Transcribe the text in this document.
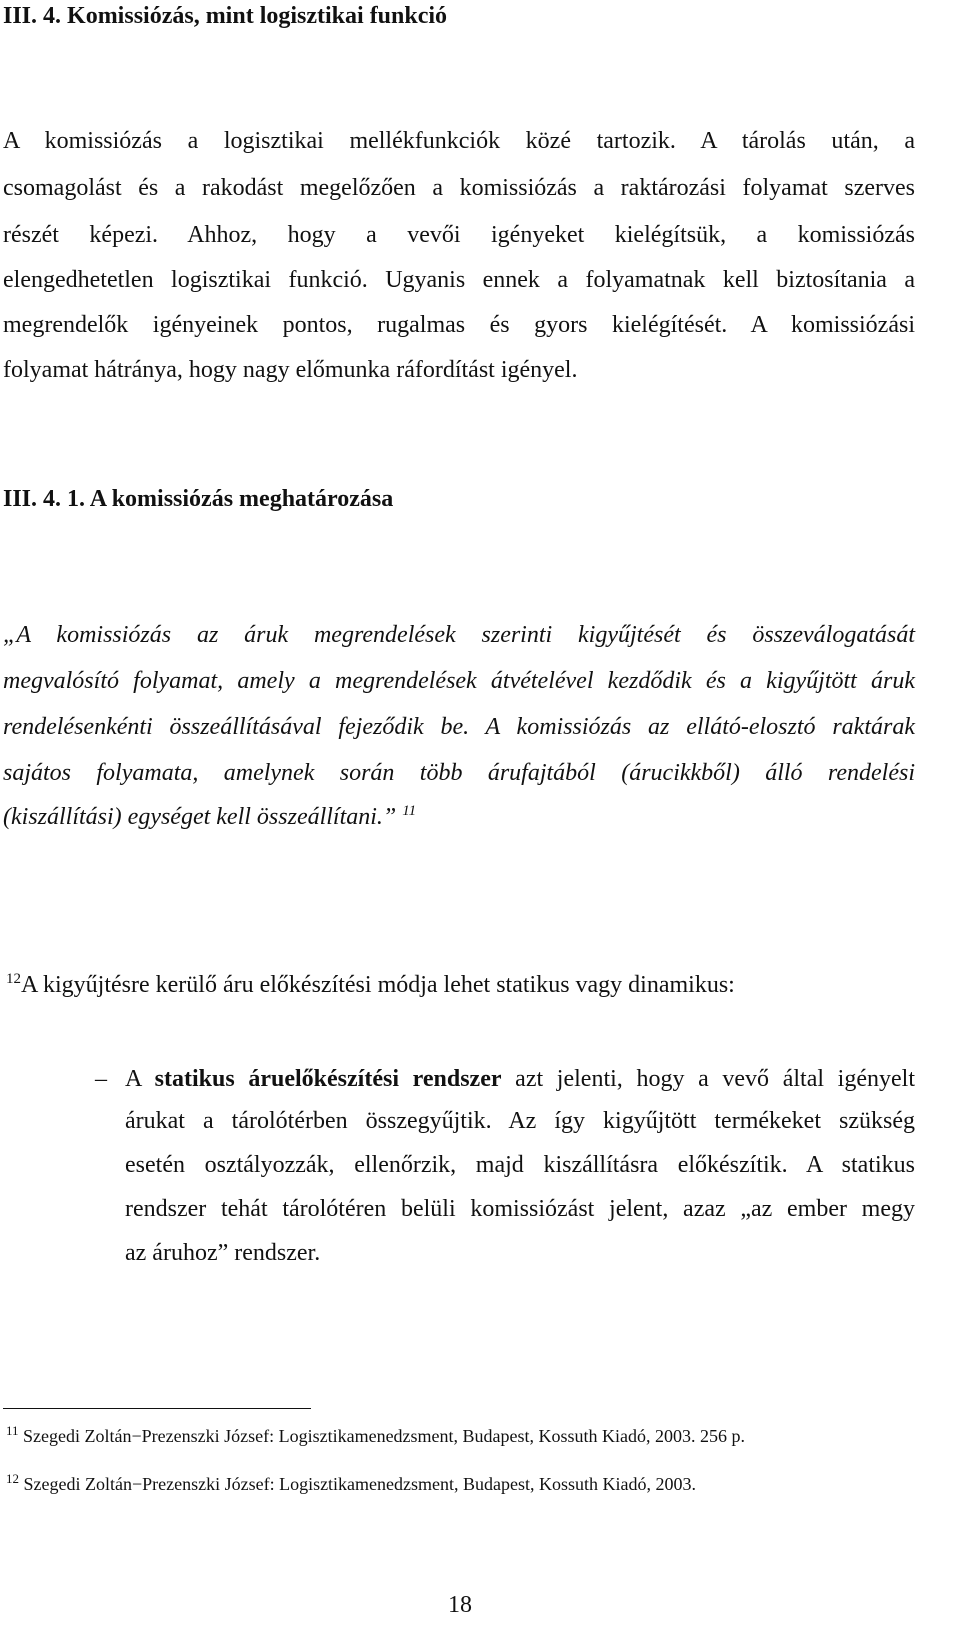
III. 4. Komissiózás, mint logisztikai funkció
A komissiózás a logisztikai mellékfunkciók közé tartozik. A tárolás után, a
csomagolást és a rakodást megelőzően a komissiózás a raktározási folyamat szerves
részét képezi. Ahhoz, hogy a vevői igényeket kielégítsük, a komissiózás
elengedhetetlen logisztikai funkció. Ugyanis ennek a folyamatnak kell biztosítania a
megrendelők igényeinek pontos, rugalmas és gyors kielégítését. A komissiózási
folyamat hátránya, hogy nagy előmunka ráfordítást igényel.
III. 4. 1. A komissiózás meghatározása
„A komissiózás az áruk megrendelések szerinti kigyűjtését és összeválogatását
megvalósító folyamat, amely a megrendelések átvételével kezdődik és a kigyűjtött áruk
rendelésenkénti összeállításával fejeződik be. A komissiózás az ellátó-elosztó raktárak
sajátos folyamata, amelynek során több árufajtából (árucikkből) álló rendelési
(kiszállítási) egységet kell összeállítani.” $^{11}$
$^{12}$A kigyűjtésre kerülő áru előkészítési módja lehet statikus vagy dinamikus:
– A statikus áruelőkészítési rendszer azt jelenti, hogy a vevő által igényelt
árukat a tárolótérben összegyűjtik. Az így kigyűjtött termékeket szükség
esetén osztályozzák, ellenőrzik, majd kiszállításra előkészítik. A statikus
rendszer tehát tárolótéren belüli komissiózást jelent, azaz „az ember megy
az áruhoz” rendszer.
$^{11}$ Szegedi Zoltán−Prezenszki József: Logisztikamenedzsment, Budapest, Kossuth Kiadó, 2003. 256 p.
$^{12}$ Szegedi Zoltán−Prezenszki József: Logisztikamenedzsment, Budapest, Kossuth Kiadó, 2003.
18
